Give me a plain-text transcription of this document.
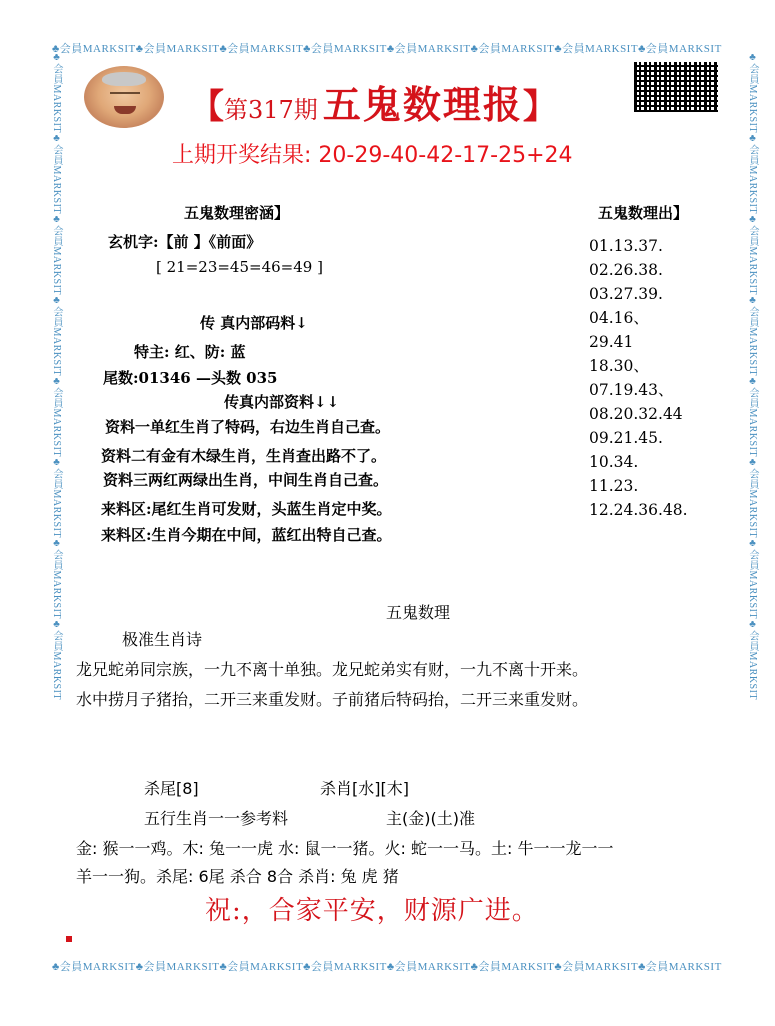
♣会員MARKSIT♣会員MARKSIT♣会員MARKSIT♣会員MARKSIT♣会員MARKSIT♣会員MARKSIT♣会員MARKSIT♣会員MARKSIT
♣会員MARKSIT♣会員MARKSIT♣会員MARKSIT♣会員MARKSIT♣会員MARKSIT♣会員MARKSIT♣会員MARKSIT♣会員MARKSIT
♣会員MARKSIT♣会員MARKSIT♣会員MARKSIT♣会員MARKSIT♣会員MARKSIT♣会員MARKSIT♣会員MARKSIT♣会員MARKSIT	♣会員MARKSIT♣会員MARKSIT♣会員MARKSIT♣会員MARKSIT♣会員MARKSIT♣会員MARKSIT♣会員MARKSIT♣会員MARKSIT
【第317期 五鬼数理报】
上期开奖结果: 20-29-40-42-17-25+24
五鬼数理密涵】
玄机字:【前 】《前面》
[ 21=23=45=46=49 ]
传 真内部码料↓
特主: 红、防: 蓝
尾数:01346 —头数 035
传真内部资料↓↓
资料一单红生肖了特码，右边生肖自己查。
资料二有金有木绿生肖，生肖查出路不了。
资料三两红两绿出生肖，中间生肖自己查。
来料区:尾红生肖可发财，头蓝生肖定中奖。
来料区:生肖今期在中间，蓝红出特自己查。
五鬼数理出】
01.13.37.
02.26.38.
03.27.39.
04.16、
29.41
18.30、
07.19.43、
08.20.32.44
09.21.45.
10.34.
11.23.
12.24.36.48.
五鬼数理
极准生肖诗
龙兄蛇弟同宗族，一九不离十单独。龙兄蛇弟实有财，一九不离十开来。
水中捞月子猪抬，二开三来重发财。子前猪后特码抬，二开三来重发财。
杀尾[8]	杀肖[水][木]
五行生肖一一参考料	主(金)(土)准
金: 猴一一鸡。木: 兔一一虎 水: 鼠一一猪。火: 蛇一一马。土: 牛一一龙一一
羊一一狗。杀尾: 6尾 杀合 8合 杀肖: 兔 虎 猪
祝:，合家平安，财源广进。
